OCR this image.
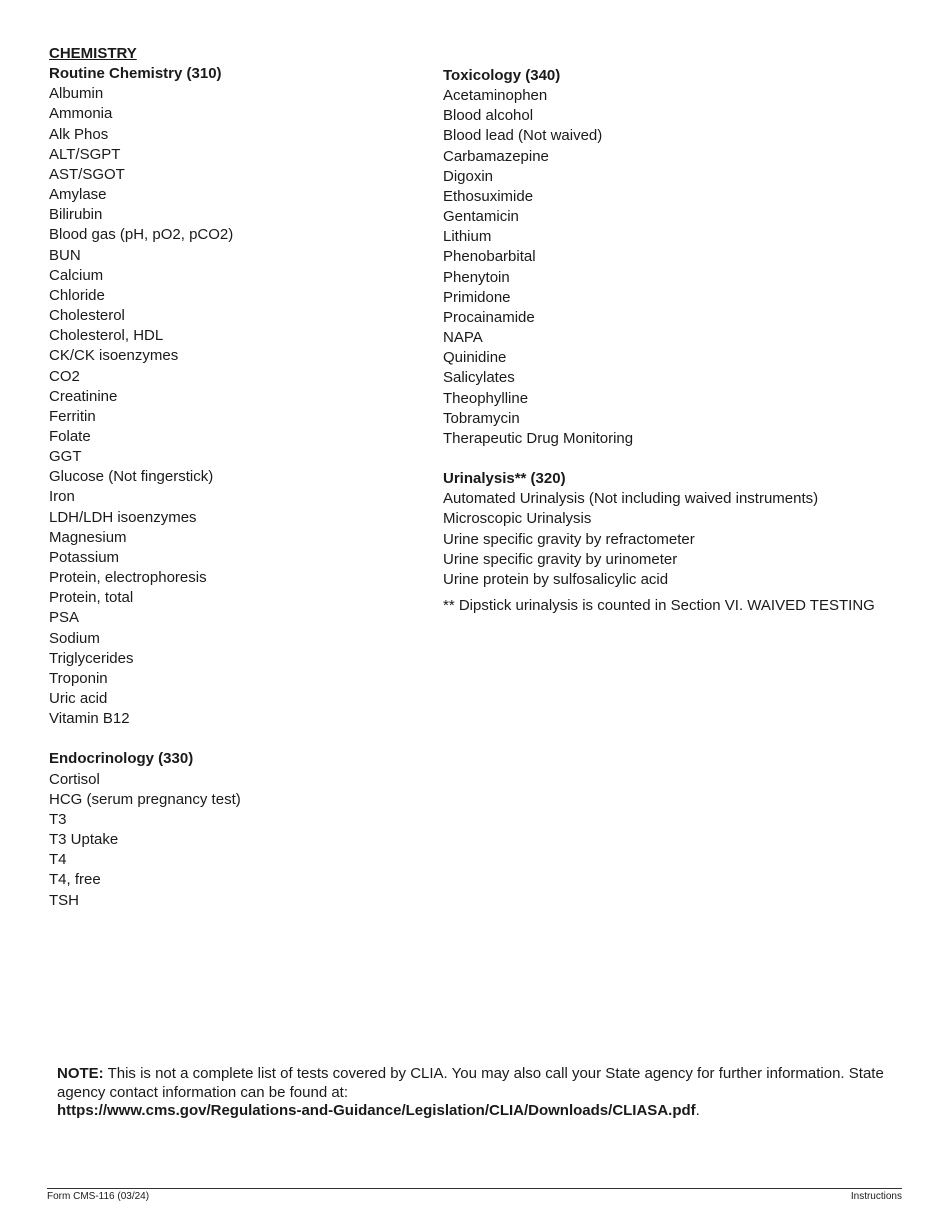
CHEMISTRY
Routine Chemistry (310)
Albumin
Ammonia
Alk Phos
ALT/SGPT
AST/SGOT
Amylase
Bilirubin
Blood gas (pH, pO2, pCO2)
BUN
Calcium
Chloride
Cholesterol
Cholesterol, HDL
CK/CK isoenzymes
CO2
Creatinine
Ferritin
Folate
GGT
Glucose (Not fingerstick)
Iron
LDH/LDH isoenzymes
Magnesium
Potassium
Protein, electrophoresis
Protein, total
PSA
Sodium
Triglycerides
Troponin
Uric acid
Vitamin B12
Endocrinology (330)
Cortisol
HCG (serum pregnancy test)
T3
T3 Uptake
T4
T4, free
TSH
Toxicology (340)
Acetaminophen
Blood alcohol
Blood lead (Not waived)
Carbamazepine
Digoxin
Ethosuximide
Gentamicin
Lithium
Phenobarbital
Phenytoin
Primidone
Procainamide
NAPA
Quinidine
Salicylates
Theophylline
Tobramycin
Therapeutic Drug Monitoring
Urinalysis** (320)
Automated Urinalysis (Not including waived instruments)
Microscopic Urinalysis
Urine specific gravity by refractometer
Urine specific gravity by urinometer
Urine protein by sulfosalicylic acid
** Dipstick urinalysis is counted in Section VI. WAIVED TESTING
NOTE: This is not a complete list of tests covered by CLIA. You may also call your State agency for further information. State agency contact information can be found at:
https://www.cms.gov/Regulations-and-Guidance/Legislation/CLIA/Downloads/CLIASA.pdf.
Form CMS-116 (03/24)	Instructions
